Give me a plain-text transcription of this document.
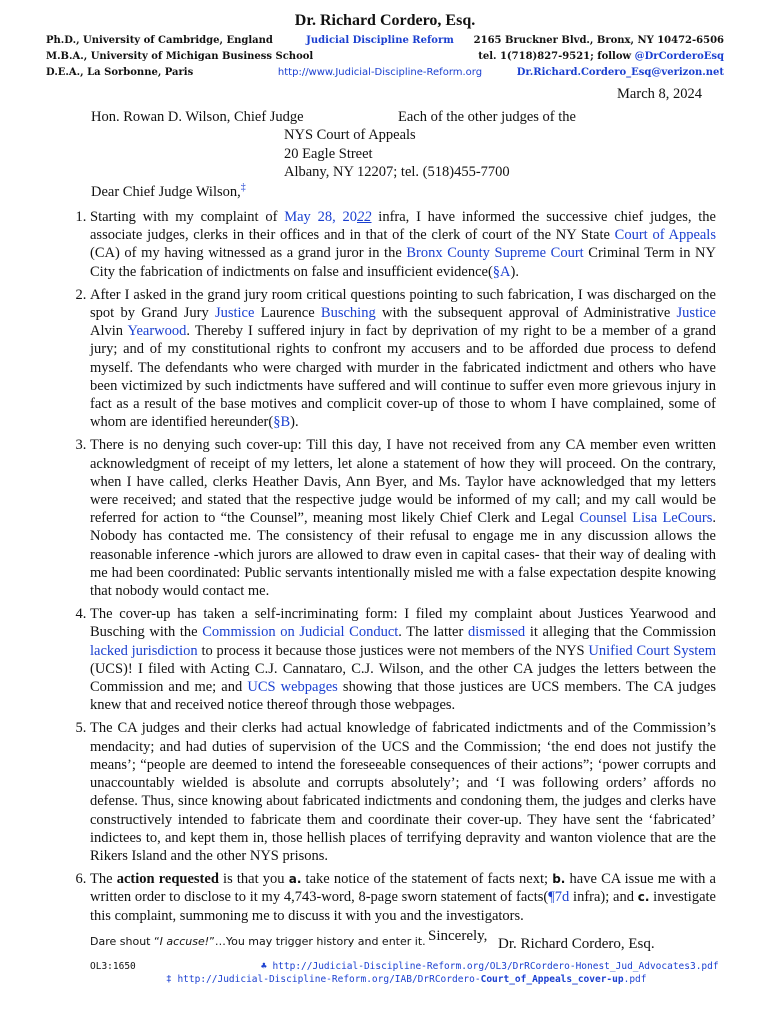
Dr. Richard Cordero, Esq.
Ph.D., University of Cambridge, England
M.B.A., University of Michigan Business School
D.E.A., La Sorbonne, Paris
Judicial Discipline Reform
http://www.Judicial-Discipline-Reform.org
2165 Bruckner Blvd., Bronx, NY 10472-6506
tel. 1(718)827-9521; follow @DrCorderoEsq
Dr.Richard.Cordero_Esq@verizon.net
March 8, 2024
Hon. Rowan D. Wilson, Chief Judge	Each of the other judges of the
NYS Court of Appeals
20 Eagle Street
Albany, NY 12207; tel. (518)455-7700
Dear Chief Judge Wilson,‡
1. Starting with my complaint of May 28, 2022 infra, I have informed the successive chief judges, the associate judges, clerks in their offices and in that of the clerk of court of the NY State Court of Appeals (CA) of my having witnessed as a grand juror in the Bronx County Supreme Court Criminal Term in NY City the fabrication of indictments on false and insufficient evidence(§A).
2. After I asked in the grand jury room critical questions pointing to such fabrication, I was discharged on the spot by Grand Jury Justice Laurence Busching with the subsequent approval of Administrative Justice Alvin Yearwood. Thereby I suffered injury in fact by deprivation of my right to be a member of a grand jury; and of my constitutional rights to confront my accusers and to be afforded due process to defend myself. The defendants who were charged with murder in the fabricated indictment and others who have been victimized by such indictments have suffered and will continue to suffer even more grievous injury in fact as a result of the base motives and complicit cover-up of those to whom I have complained, some of whom are identified hereunder(§B).
3. There is no denying such cover-up: Till this day, I have not received from any CA member even written acknowledgment of receipt of my letters, let alone a statement of how they will proceed. On the contrary, when I have called, clerks Heather Davis, Ann Byer, and Ms. Taylor have acknowledged that my letters were received; and stated that the respective judge would be informed of my call; and my call would be referred for action to “the Counsel”, meaning most likely Chief Clerk and Legal Counsel Lisa LeCours. Nobody has contacted me. The consistency of their refusal to engage me in any discussion allows the reasonable inference -which jurors are allowed to draw even in capital cases- that their way of dealing with me had been coordinated: Public servants intentionally misled me with a false expectation despite knowing that nobody would contact me.
4. The cover-up has taken a self-incriminating form: I filed my complaint about Justices Yearwood and Busching with the Commission on Judicial Conduct. The latter dismissed it alleging that the Commission lacked jurisdiction to process it because those justices were not members of the NYS Unified Court System (UCS)! I filed with Acting C.J. Cannataro, C.J. Wilson, and the other CA judges the letters between the Commission and me; and UCS webpages showing that those justices are UCS members. The CA judges knew that and received notice thereof through those webpages.
5. The CA judges and their clerks had actual knowledge of fabricated indictments and of the Commission’s mendacity; and had duties of supervision of the UCS and the Commission; ‘the end does not justify the means’; “people are deemed to intend the foreseeable consequences of their actions”; ‘power corrupts and unaccountably wielded is absolute and corrupts absolutely’; and ‘I was following orders’ affords no defense. Thus, since knowing about fabricated indictments and condoning them, the judges and clerks have constructively intended to fabricate them and coordinate their cover-up. They have sent the ‘fabricated’ indictees to, and kept them in, those hellish places of terrifying depravity and wanton violence that are the Rikers Island and the other NYS prisons.
6. The action requested is that you a. take notice of the statement of facts next; b. have CA issue me with a written order to disclose to it my 4,743-word, 8-page sworn statement of facts(¶7d infra); and c. investigate this complaint, summoning me to discuss it with you and the investigators.
Dare shout “I accuse!”…You may trigger history and enter it. Sincerely, Dr. Richard Cordero, Esq.
OL3:1650	♣ http://Judicial-Discipline-Reform.org/OL3/DrRCordero-Honest_Jud_Advocates3.pdf
‡ http://Judicial-Discipline-Reform.org/IAB/DrRCordero-Court_of_Appeals_cover-up.pdf
